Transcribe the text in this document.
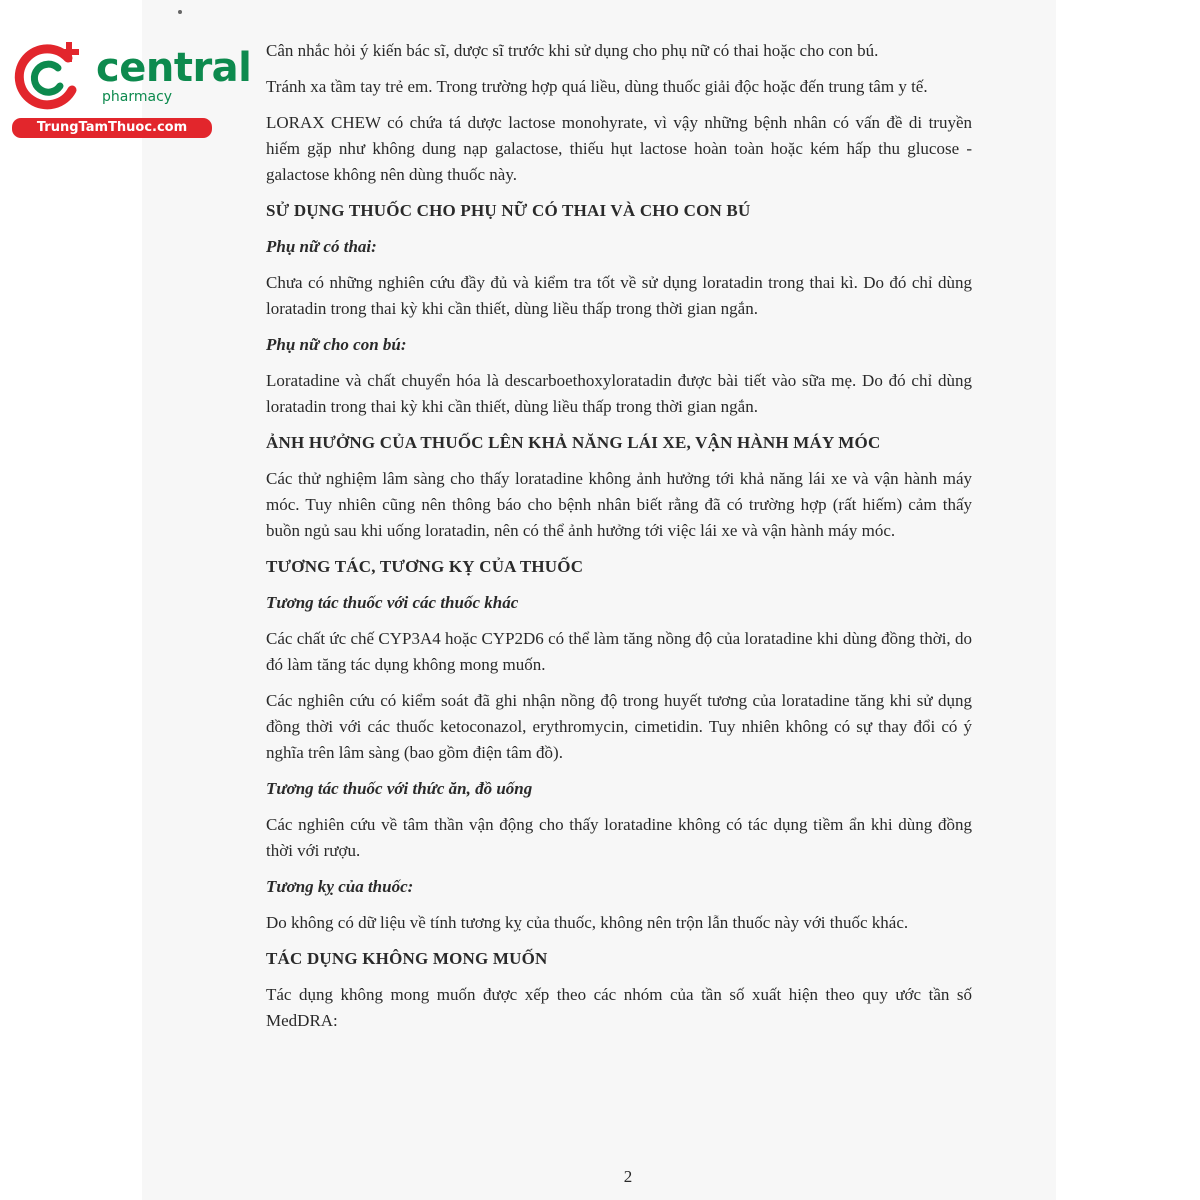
central
pharmacy
TrungTamThuoc.com
Cân nhắc hỏi ý kiến bác sĩ, dược sĩ trước khi sử dụng cho phụ nữ có thai hoặc cho con bú.
Tránh xa tầm tay trẻ em. Trong trường hợp quá liều, dùng thuốc giải độc hoặc đến trung tâm y tế.
LORAX CHEW có chứa tá dược lactose monohyrate, vì vậy những bệnh nhân có vấn đề di truyền hiếm gặp như không dung nạp galactose, thiếu hụt lactose hoàn toàn hoặc kém hấp thu glucose - galactose không nên dùng thuốc này.
SỬ DỤNG THUỐC CHO PHỤ NỮ CÓ THAI VÀ CHO CON BÚ
Phụ nữ có thai:
Chưa có những nghiên cứu đầy đủ và kiểm tra tốt về sử dụng loratadin trong thai kì. Do đó chỉ dùng loratadin trong thai kỳ khi cần thiết, dùng liều thấp trong thời gian ngắn.
Phụ nữ cho con bú:
Loratadine và chất chuyển hóa là descarboethoxyloratadin được bài tiết vào sữa mẹ. Do đó chỉ dùng loratadin trong thai kỳ khi cần thiết, dùng liều thấp trong thời gian ngắn.
ẢNH HƯỞNG CỦA THUỐC LÊN KHẢ NĂNG LÁI XE, VẬN HÀNH MÁY MÓC
Các thử nghiệm lâm sàng cho thấy loratadine không ảnh hưởng tới khả năng lái xe và vận hành máy móc. Tuy nhiên cũng nên thông báo cho bệnh nhân biết rằng đã có trường hợp (rất hiếm) cảm thấy buồn ngủ sau khi uống loratadin, nên có thể ảnh hưởng tới việc lái xe và vận hành máy móc.
TƯƠNG TÁC, TƯƠNG KỴ CỦA THUỐC
Tương tác thuốc với các thuốc khác
Các chất ức chế CYP3A4 hoặc CYP2D6 có thể làm tăng nồng độ của loratadine khi dùng đồng thời, do đó làm tăng tác dụng không mong muốn.
Các nghiên cứu có kiểm soát đã ghi nhận nồng độ trong huyết tương của loratadine tăng khi sử dụng đồng thời với các thuốc ketoconazol, erythromycin, cimetidin. Tuy nhiên không có sự thay đổi có ý nghĩa trên lâm sàng (bao gồm điện tâm đồ).
Tương tác thuốc với thức ăn, đồ uống
Các nghiên cứu về tâm thần vận động cho thấy loratadine không có tác dụng tiềm ẩn khi dùng đồng thời với rượu.
Tương kỵ của thuốc:
Do không có dữ liệu về tính tương kỵ của thuốc, không nên trộn lẫn thuốc này với thuốc khác.
TÁC DỤNG KHÔNG MONG MUỐN
Tác dụng không mong muốn được xếp theo các nhóm của tần số xuất hiện theo quy ước tần số MedDRA:
2
